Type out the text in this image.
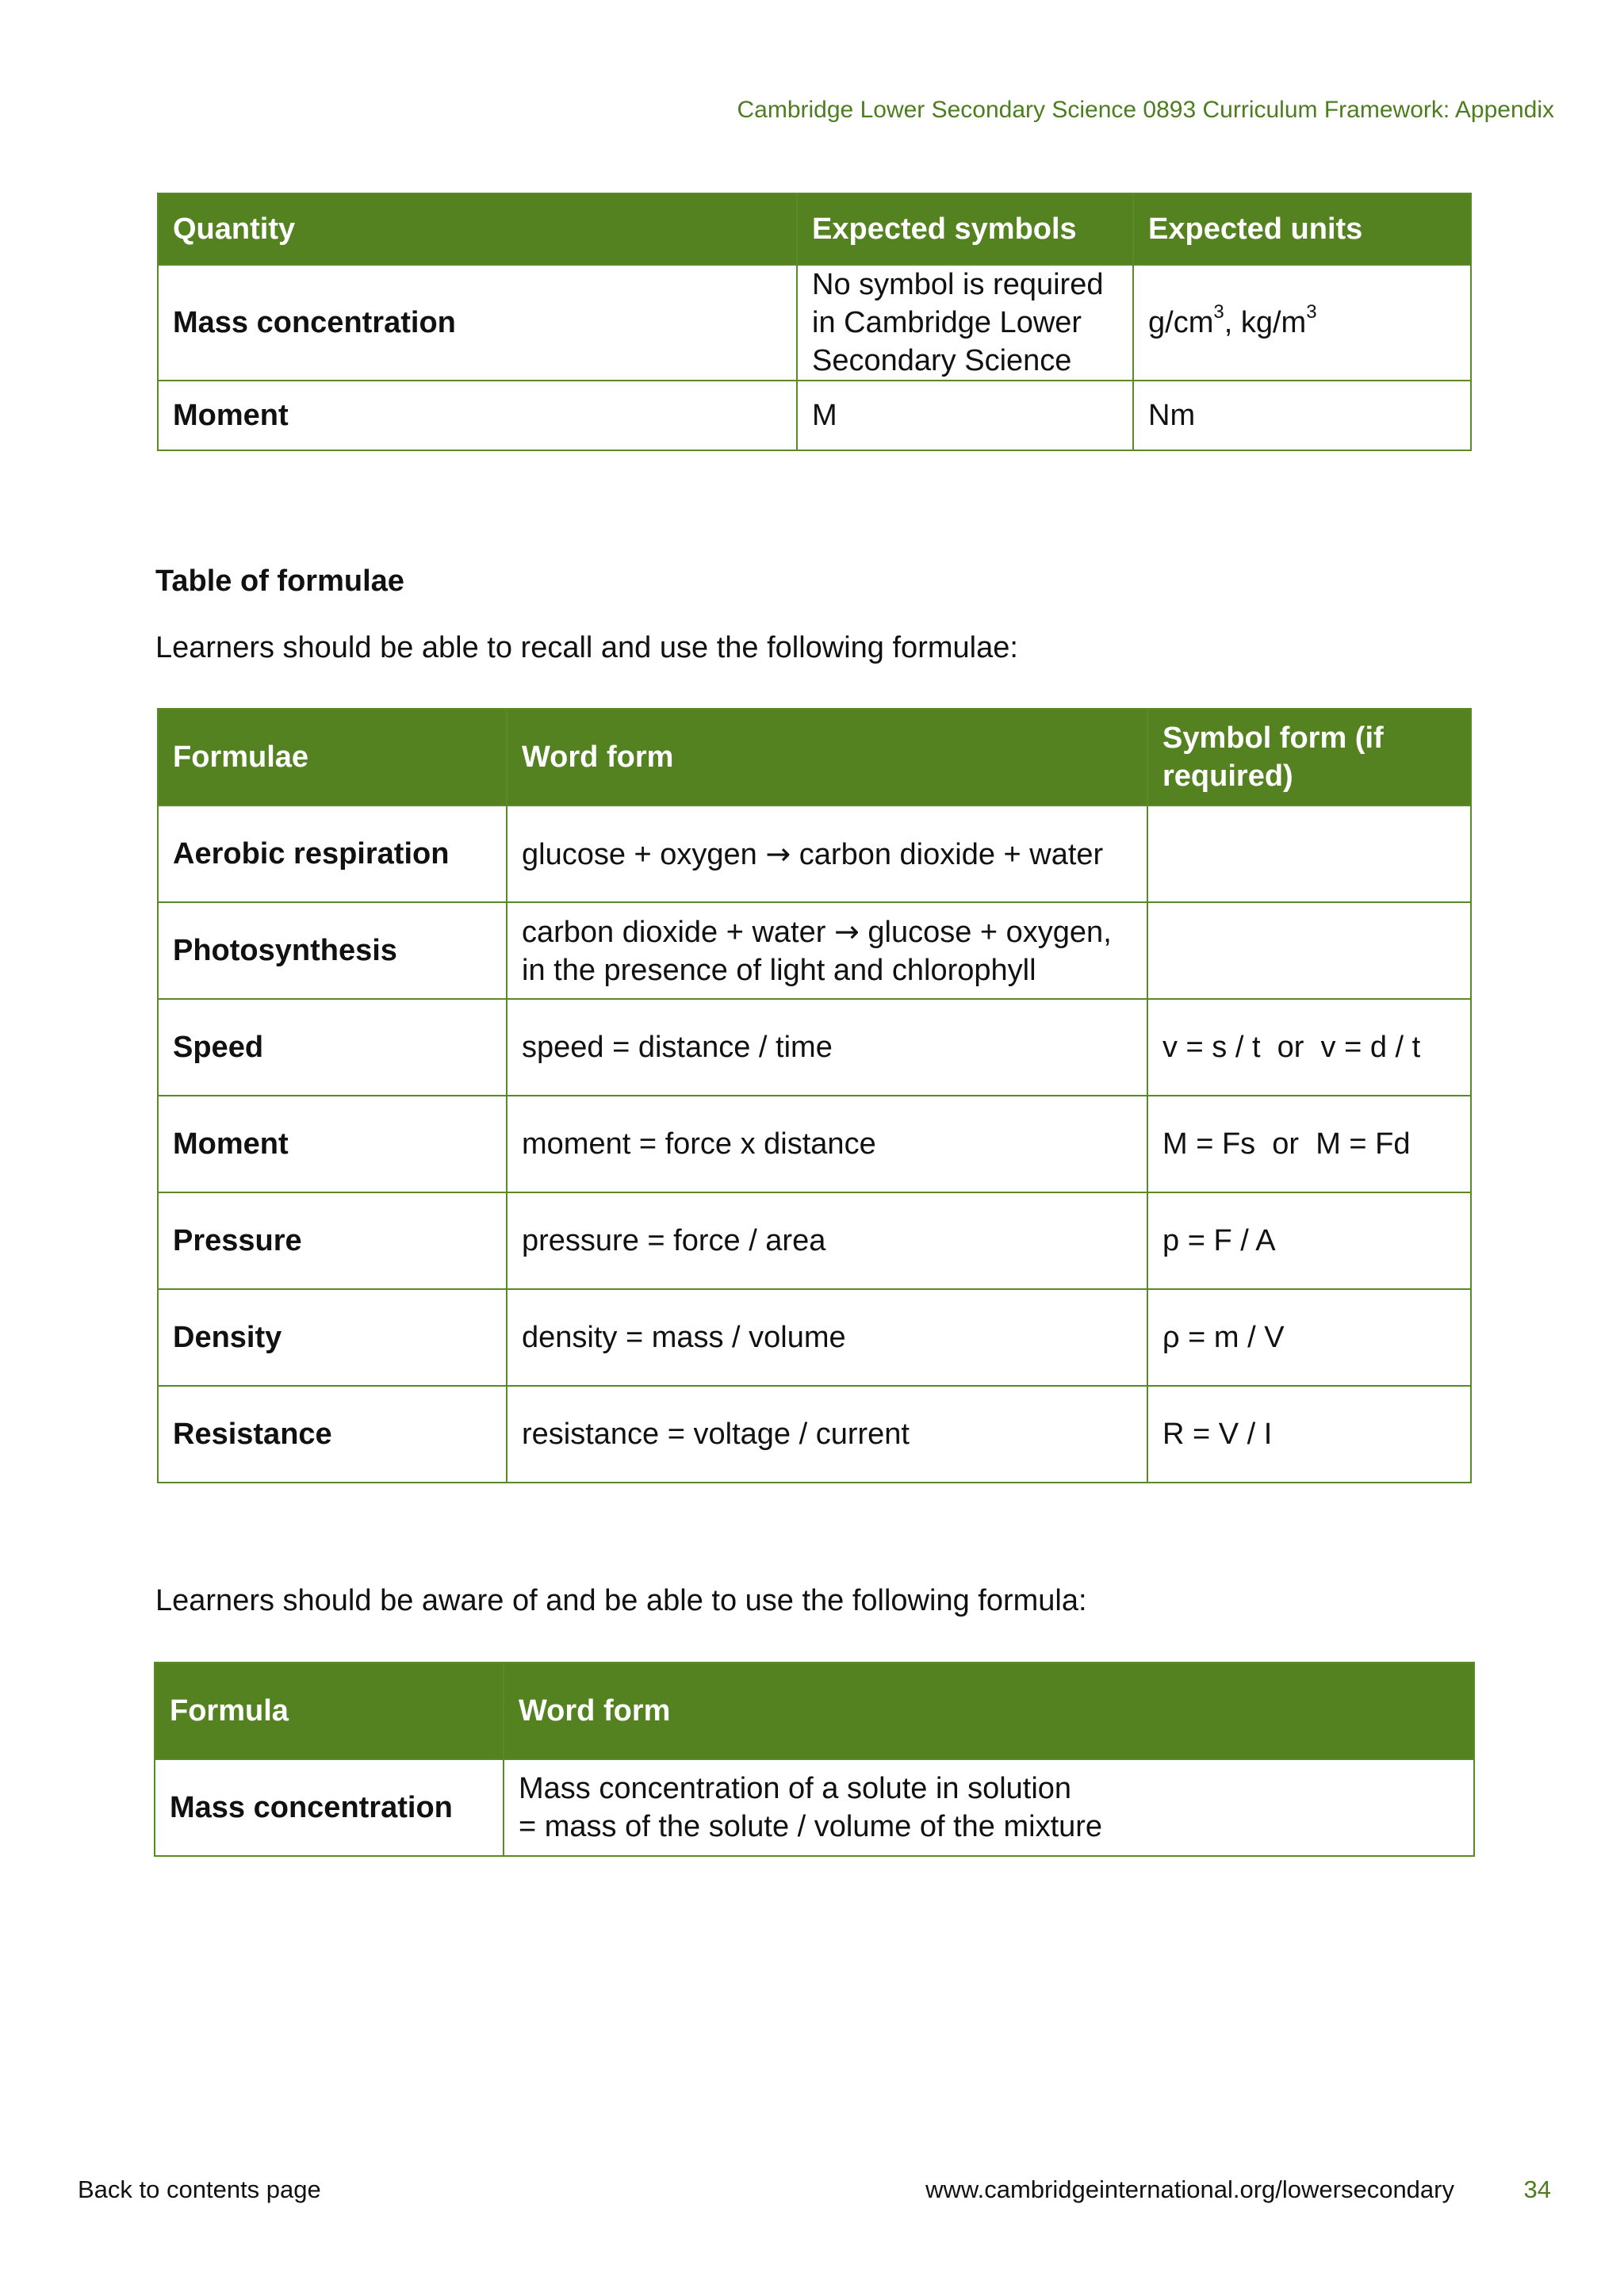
Cambridge Lower Secondary Science 0893 Curriculum Framework: Appendix
Quantity	Expected symbols	Expected units
Mass concentration	No symbol is required in Cambridge Lower Secondary Science	$g/cm^3$, $kg/m^3$
Moment	M	Nm
Table of formulae
Learners should be able to recall and use the following formulae:
Formulae	Word form	Symbol form (if required)
Aerobic respiration	glucose + oxygen → carbon dioxide + water	
Photosynthesis	carbon dioxide + water → glucose + oxygen,
in the presence of light and chlorophyll	
Speed	speed = distance / time	v = s / t  or  v = d / t
Moment	moment = force x distance	M = Fs  or  M = Fd
Pressure	pressure = force / area	p = F / A
Density	density = mass / volume	ρ = m / V
Resistance	resistance = voltage / current	R = V / I
Learners should be aware of and be able to use the following formula:
Formula	Word form
Mass concentration	Mass concentration of a solute in solution
= mass of the solute / volume of the mixture
Back to contents page	www.cambridgeinternational.org/lowersecondary	34
